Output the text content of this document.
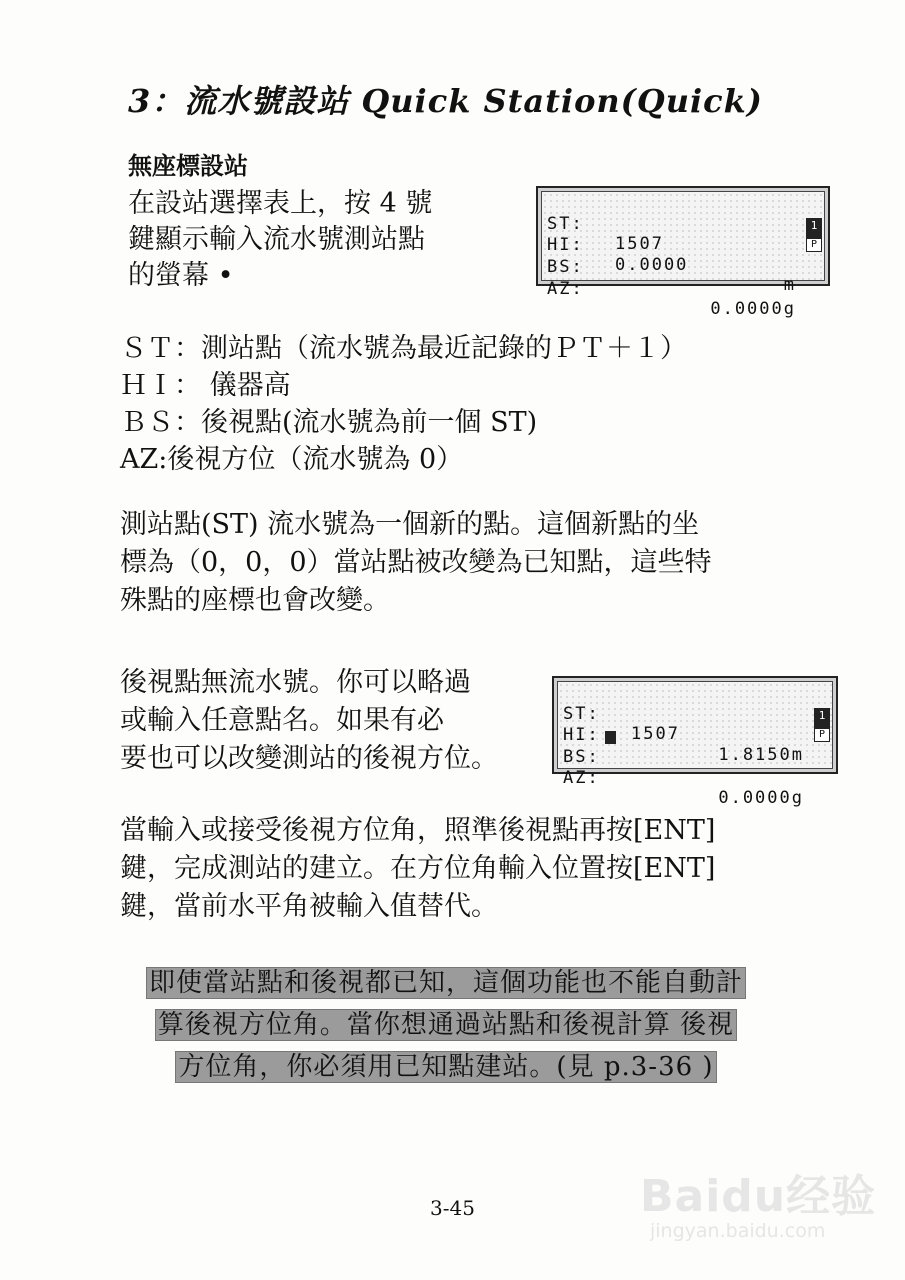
3：流水號設站 Quick Station(Quick)
無座標設站
在設站選擇表上，按 4 號
鍵顯示輸入流水號測站點
的螢幕 •

ST:

1507

HI:

0.0000

m

BS:

AZ:

0.0000g

1
P
ＳＴ：測站點（流水號為最近記錄的ＰＴ＋１）
ＨＩ： 儀器高
ＢＳ：後視點(流水號為前一個 ST)
AZ:後視方位（流水號為 0）
測站點(ST) 流水號為一個新的點。這個新點的坐
標為（0，0，0）當站點被改變為已知點，這些特
殊點的座標也會改變。
後視點無流水號。你可以略過
或輸入任意點名。如果有必
要也可以改變測站的後視方位。

ST:

1507

HI:

1.8150m

BS:

AZ:

0.0000g

1
P
當輸入或接受後視方位角，照準後視點再按[ENT]
鍵，完成測站的建立。在方位角輸入位置按[ENT]
鍵，當前水平角被輸入值替代。
即使當站點和後視都已知，這個功能也不能自動計
算後視方位角。當你想通過站點和後視計算 後視
方位角，你必須用已知點建站。(見 p.3-36 )
3-45	Baidu经验
jingyan.baidu.com
